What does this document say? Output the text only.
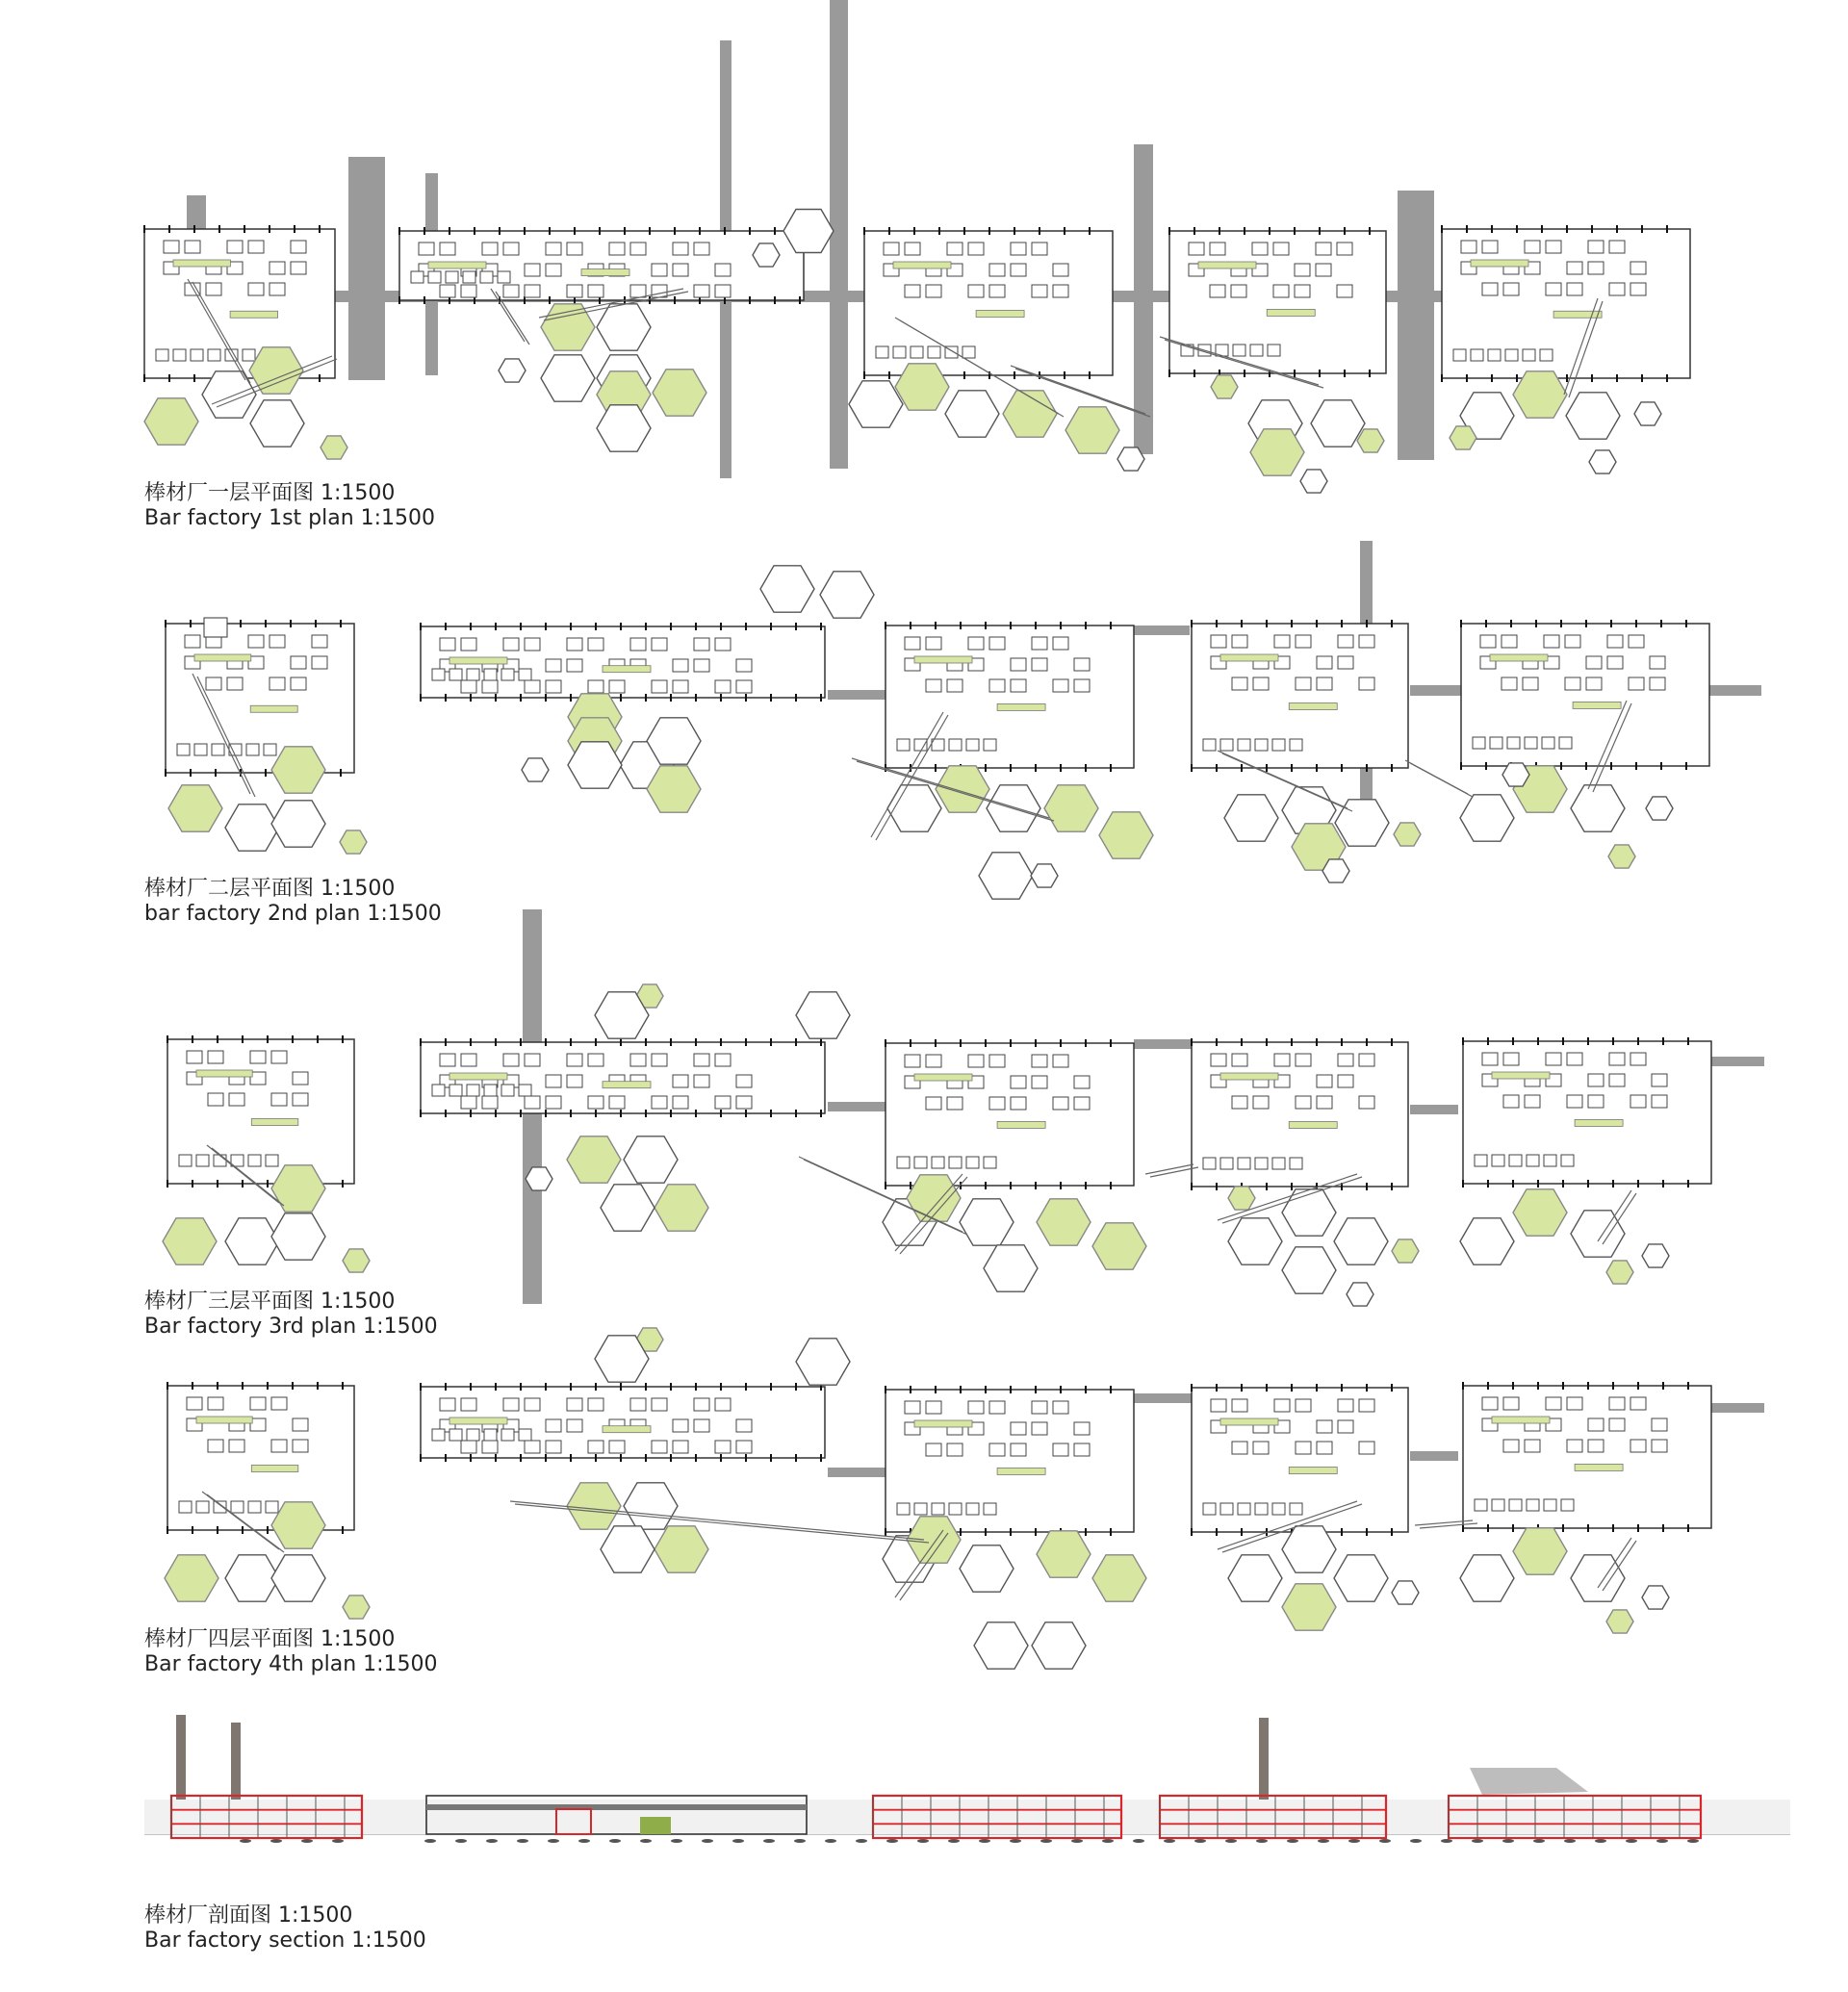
棒材厂一层平面图 1:1500
Bar factory 1st plan 1:1500
棒材厂二层平面图 1:1500
bar factory 2nd plan 1:1500
棒材厂三层平面图 1:1500
Bar factory 3rd plan 1:1500
棒材厂四层平面图 1:1500
Bar factory 4th plan 1:1500
棒材厂剖面图 1:1500
Bar factory section 1:1500
